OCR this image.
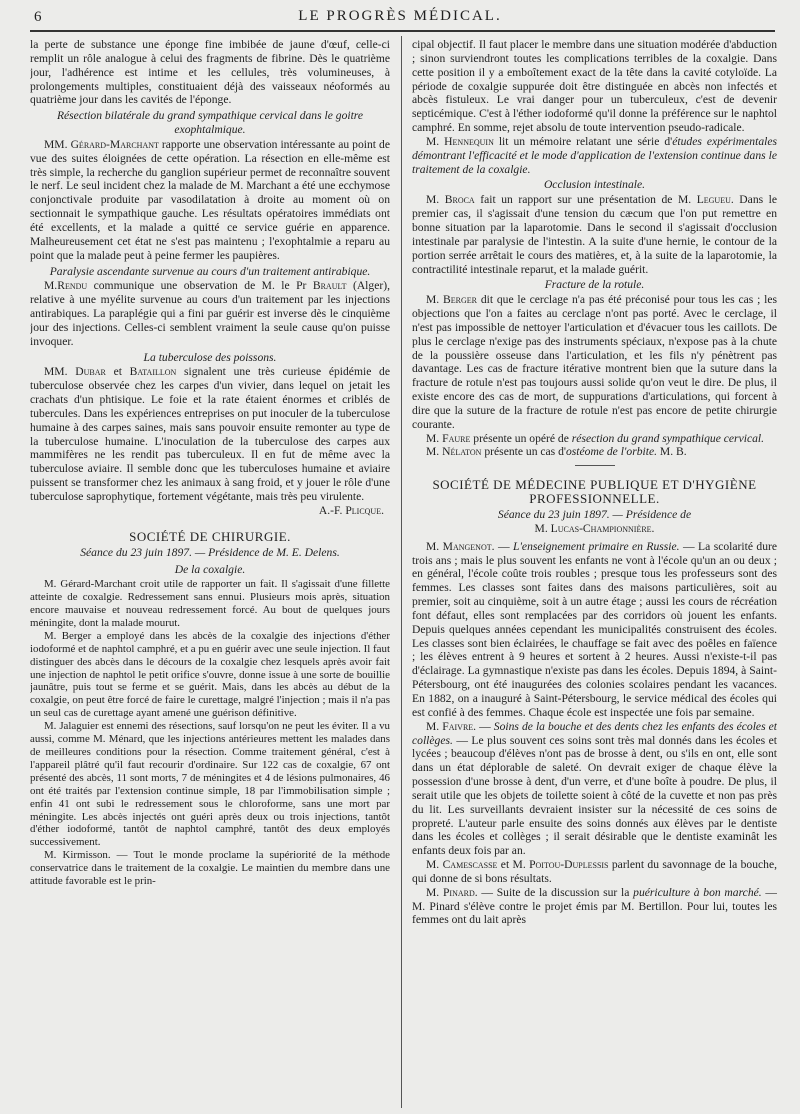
6	LE PROGRÈS MÉDICAL.

la perte de substance une éponge fine imbibée de jaune d'œuf, celle-ci remplit un rôle analogue à celui des fragments de fibrine. Dès le quatrième jour, l'adhérence est intime et les cellules, très volumineuses, à prolongements multiples, constituaient déjà des vaisseaux néoformés au quatrième jour dans les cavités de l'éponge.

Résection bilatérale du grand sympathique cervical dans le goitre exophtalmique.

MM. Gérard-Marchant rapporte une observation intéressante au point de vue des suites éloignées de cette opération. La résection en elle-même est très simple, la recherche du ganglion supérieur permet de reconnaître souvent le nerf. Le seul incident chez la malade de M. Marchant a été une ecchymose conjonctivale produite par vasodilatation à droite au moment où on sectionnait le sympathique gauche. Les résultats opératoires immédiats ont été excellents, et la malade a quitté ce service guérie en apparence. Malheureusement cet état ne s'est pas maintenu ; l'exophtalmie a reparu au point que la malade peut à peine fermer les paupières.

Paralysie ascendante survenue au cours d'un traitement antirabique.

M.Rendu communique une observation de M. le Pr Brault (Alger), relative à une myélite survenue au cours d'un traitement par les injections antirabiques. La paraplégie qui a fini par guérir est inverse dès le cinquième jour des injections. Celles-ci semblent vraiment la seule cause qu'on puisse invoquer.

La tuberculose des poissons.

MM. Dubar et Bataillon signalent une très curieuse épidémie de tuberculose observée chez les carpes d'un vivier, dans lequel on jetait les crachats d'un phtisique. Le foie et la rate étaient énormes et criblés de tubercules. Dans les expériences entreprises on put inoculer de la tuberculose humaine à des carpes saines, mais sans pouvoir ensuite remonter au type de la tuberculose humaine. L'inoculation de la tuberculose des carpes aux mammifères ne les rendit pas tuberculeux. Il en fut de même avec la tuberculose aviaire. Il semble donc que les tuberculoses humaine et aviaire puissent se transformer chez les animaux à sang froid, et y jouer le rôle d'une tuberculose saprophytique, fortement végétante, mais très peu virulente.

A.-F. Plicque.
SOCIÉTÉ DE CHIRURGIE.
Séance du 23 juin 1897. — Présidence de M. E. Delens.
De la coxalgie.

M. Gérard-Marchant croit utile de rapporter un fait. Il s'agissait d'une fillette atteinte de coxalgie. Redressement sans ennui. Plusieurs mois après, situation encore mauvaise et nouveau redressement forcé. Au bout de quelques jours méningite, dont la malade mourut.

M. Berger a employé dans les abcès de la coxalgie des injections d'éther iodoformé et de naphtol camphré, et a pu en guérir avec une seule injection. Il faut distinguer des abcès dans le décours de la coxalgie chez lesquels après avoir fait une injection de naphtol le petit orifice s'ouvre, donne issue à une sorte de bouillie jaunâtre, puis tout se ferme et se guérit. Mais, dans les abcès au début de la coxalgie, on peut être forcé de faire le curettage, malgré l'injection ; mais il n'a pas un seul cas de curettage ayant amené une guérison définitive.

M. Jalaguier est ennemi des résections, sauf lorsqu'on ne peut les éviter. Il a vu aussi, comme M. Ménard, que les injections antérieures mettent les malades dans de meilleures conditions pour la résection. Comme traitement général, c'est à l'appareil plâtré qu'il faut recourir d'ordinaire. Sur 122 cas de coxalgie, 67 ont présenté des abcès, 11 sont morts, 7 de méningites et 4 de lésions pulmonaires, 46 ont été traités par l'extension continue simple, 18 par l'immobilisation simple ; enfin 41 ont subi le redressement sous le chloroforme, sans une mort par méningite. Les abcès injectés ont guéri après deux ou trois injections, tantôt d'éther iodoformé, tantôt de naphtol camphré, tantôt des deux employés successivement.

M. Kirmisson. — Tout le monde proclame la supériorité de la méthode conservatrice dans le traitement de la coxalgie. Le maintien du membre dans une attitude favorable est le prin-

cipal objectif. Il faut placer le membre dans une situation modérée d'abduction ; sinon surviendront toutes les complications terribles de la coxalgie. Dans cette position il y a emboîtement exact de la tête dans la cavité cotyloïde. La période de coxalgie suppurée doit être distinguée en abcès non infectés et abcès fistuleux. Le vrai danger pour un tuberculeux, c'est de devenir septicémique. C'est à l'éther iodoformé qu'il donne la préférence sur le naphtol camphré. En somme, rejet absolu de toute intervention pseudo-radicale.

M. Hennequin lit un mémoire relatant une série d'études expérimentales démontrant l'efficacité et le mode d'application de l'extension continue dans le traitement de la coxalgie.

Occlusion intestinale.

M. Broca fait un rapport sur une présentation de M. Legueu. Dans le premier cas, il s'agissait d'une tension du cæcum que l'on put remettre en bonne situation par la laparotomie. Dans le second il s'agissait d'occlusion intestinale par paralysie de l'intestin. A la suite d'une hernie, le contour de la portion serrée arrêtait le cours des matières, et, à la suite de la laparotomie, la contractilité intestinale reparut, et la malade guérit.

Fracture de la rotule.

M. Berger dit que le cerclage n'a pas été préconisé pour tous les cas ; les objections que l'on a faites au cerclage n'ont pas porté. Avec le cerclage, il n'est pas impossible de nettoyer l'articulation et d'évacuer tous les caillots. De plus le cerclage n'exige pas des instruments spéciaux, n'expose pas à la chute de la poussière osseuse dans l'articulation, et les fils n'y pénètrent pas davantage. Les cas de fracture itérative montrent bien que la suture dans la fracture de rotule n'est pas toujours aussi solide qu'on veut le dire. De plus, il existe encore des cas de mort, de suppurations d'articulations, qui forcent à dire que la suture de la fracture de rotule n'est pas encore de petite chirurgie courante.

M. Faure présente un opéré de résection du grand sympathique cervical.

M. Nélaton présente un cas d'ostéome de l'orbite. M. B.

SOCIÉTÉ DE MÉDECINE PUBLIQUE ET D'HYGIÈNE PROFESSIONNELLE.
Séance du 23 juin 1897. — Présidence de
M. Lucas-Championnière.

M. Mangenot. — L'enseignement primaire en Russie. — La scolarité dure trois ans ; mais le plus souvent les enfants ne vont à l'école qu'un an ou deux ; en général, l'école coûte trois roubles ; presque tous les professeurs sont des femmes. Les classes sont faites dans des maisons particulières, soit au premier, soit au cinquième, soit à un autre étage ; aussi les cours de récréation font défaut, elles sont remplacées par des corridors où jouent les enfants. Depuis quelques années cependant les municipalités construisent des écoles. Les classes sont bien éclairées, le chauffage se fait avec des poêles en faïence ; les élèves entrent à 9 heures et sortent à 2 heures. Aussi n'existe-t-il pas d'éclairage. La gymnastique n'existe pas dans les écoles. Depuis 1894, à Saint-Pétersbourg, ont été inaugurées des colonies scolaires pendant les vacances. En 1882, on a inauguré à Saint-Pétersbourg, le service médical des écoles qui est confié à des femmes. Chaque école est inspectée une fois par semaine.

M. Faivre. — Soins de la bouche et des dents chez les enfants des écoles et collèges. — Le plus souvent ces soins sont très mal donnés dans les écoles et lycées ; beaucoup d'élèves n'ont pas de brosse à dent, ou s'ils en ont, elle sont dans un état déplorable de saleté. On devrait exiger de chaque élève la possession d'une brosse à dent, d'un verre, et d'une boîte à poudre. De plus, il serait utile que les objets de toilette soient à côté de la cuvette et non pas près du lit. Les surveillants devraient insister sur la nécessité de ces soins de propreté. L'auteur parle ensuite des soins donnés aux élèves par le dentiste dans les écoles et collèges ; il serait désirable que le dentiste examinât les enfants deux fois par an.

M. Camescasse et M. Poitou-Duplessis parlent du savonnage de la bouche, qui donne de si bons résultats.

M. Pinard. — Suite de la discussion sur la puériculture à bon marché. — M. Pinard s'élève contre le projet émis par M. Bertillon. Pour lui, toutes les femmes ont du lait après
